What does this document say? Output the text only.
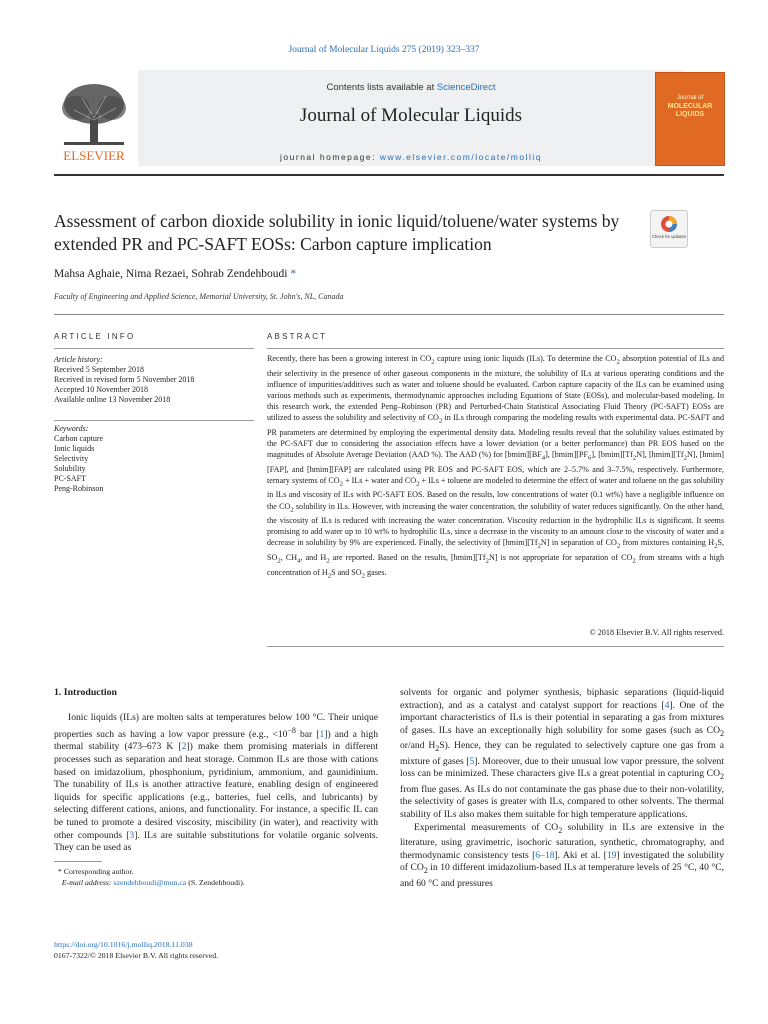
Journal of Molecular Liquids 275 (2019) 323–337
ELSEVIER
Contents lists available at ScienceDirect
Journal of Molecular Liquids
journal homepage: www.elsevier.com/locate/molliq
Journal of
MOLECULAR LIQUIDS
Assessment of carbon dioxide solubility in ionic liquid/toluene/water systems by extended PR and PC-SAFT EOSs: Carbon capture implication	Check for updates
Mahsa Aghaie, Nima Rezaei, Sohrab Zendehboudi *
Faculty of Engineering and Applied Science, Memorial University, St. John's, NL, Canada
ARTICLE INFO	ABSTRACT
Article history:
Received 5 September 2018
Received in revised form 5 November 2018
Accepted 10 November 2018
Available online 13 November 2018
Keywords:
Carbon capture
Ionic liquids
Selectivity
Solubility
PC-SAFT
Peng-Robinson
Recently, there has been a growing interest in $CO_2$ capture using ionic liquids (ILs). To determine the $CO_2$ absorption potential of ILs and their selectivity in the presence of other gaseous components in the mixture, the solubility of ILs at various operating conditions and the influence of impurities/additives such as water and toluene should be evaluated. Carbon capture capacity of the ILs can be examined using various methods such as experiments, thermodynamic approaches including Equations of State (EOSs), and molecular-based modeling. In this research work, the extended Peng–Robinson (PR) and Perturbed-Chain Statistical Associating Fluid Theory (PC-SAFT) EOSs are utilized to assess the solubility and selectivity of $CO_2$ in ILs through comparing the modeling results with experimental data. PC-SAFT and PR parameters are determined by employing the experimental density data. Modeling results reveal that the solubility values estimated by the PC-SAFT due to considering the association effects have a lower deviation (or a better performance) than PR EOS based on the magnitudes of Absolute Average Deviation (AAD %). The AAD (%) for $[bmim][BF_4]$, $[bmim][PF_6]$, $[bmim][Tf_2N]$, $[hmim][Tf_2N]$, [hmim][FAP], and [hmim][FAP] are calculated using PR EOS and PC-SAFT EOS, which are 2–5.7% and 3–7.5%, respectively. Furthermore, ternary systems of $CO_2$ + ILs + water and $CO_2$ + ILs + toluene are modeled to determine the effect of water and toluene on the gas solubility in ILs and viscosity of ILs with PC-SAFT EOS. Based on the results, low concentrations of water (0.1 wt%) have a negligible influence on the $CO_2$ solubility in ILs. However, with increasing the water concentration, the solubility of water reduces significantly. On the other hand, the viscosity of ILs is reduced with increasing the water concentration. Viscosity reduction in the hydrophilic ILs is significant. It seems promising to add water up to 10 wt% to hydrophilic ILs, since a decrease in the viscosity to an amount close to the viscosity of water and a decrease in solubility by 9% are experienced. Finally, the selectivity of $[hmim][Tf_2N]$ in separation of $CO_2$ from mixtures containing $H_2S$, $SO_2$, $CH_4$, and $H_2$ are reported. Based on the results, $[hmim][Tf_2N]$ is not appropriate for separation of $CO_2$ from streams with a high concentration of $H_2S$ and $SO_2$ gases.
© 2018 Elsevier B.V. All rights reserved.
1. Introduction

Ionic liquids (ILs) are molten salts at temperatures below 100 °C. Their unique properties such as having a low vapor pressure (e.g., $<10^{-8}$ bar [1]) and a high thermal stability (473–673 K [2]) make them promising materials in different processes such as separation and heat storage. Common ILs are those with cations based on imidazolium, phosphonium, pyridinium, ammonium, and gaunidinium. The tunability of ILs is another attractive feature, enabling design of engineered liquids for specific applications (e.g., batteries, fuel cells, and lubricants) by selecting different cations, anions, and functionality. For instance, a specific IL can be tuned to promote a desired viscosity, miscibility (in water), and reactivity with other compounds [3]. ILs are suitable substitutions for volatile organic solvents. They can be used as

solvents for organic and polymer synthesis, biphasic separations (liquid-liquid extraction), and as a catalyst and catalyst support for reactions [4]. One of the important characteristics of ILs is their potential in separating a gas from mixtures of gases. ILs have an exceptionally high solubility for some gases (such as $CO_2$ or/and $H_2S$). Hence, they can be regulated to selectively capture one gas from a mixture of gases [5]. Moreover, due to their unusual low vapor pressure, the solvent loss can be minimized. These characters give ILs a great potential in capturing $CO_2$ from flue gases. As ILs do not contaminate the gas phase due to their non-volatility, the selectivity of gases is greater with ILs, compared to other solvents. The thermal stability of ILs also makes them suitable for high temperature applications.

Experimental measurements of $CO_2$ solubility in ILs are extensive in the literature, using gravimetric, isochoric saturation, synthetic, chromatography, and thermodynamic consistency tests [6–18]. Aki et al. [19] investigated the solubility of $CO_2$ in 10 different imidazolium-based ILs at temperature levels of 25 °C, 40 °C, and 60 °C and pressures

* Corresponding author.
E-mail address: szendehboudi@mun.ca (S. Zendehboudi).
https://doi.org/10.1016/j.molliq.2018.11.038
0167-7322/© 2018 Elsevier B.V. All rights reserved.
